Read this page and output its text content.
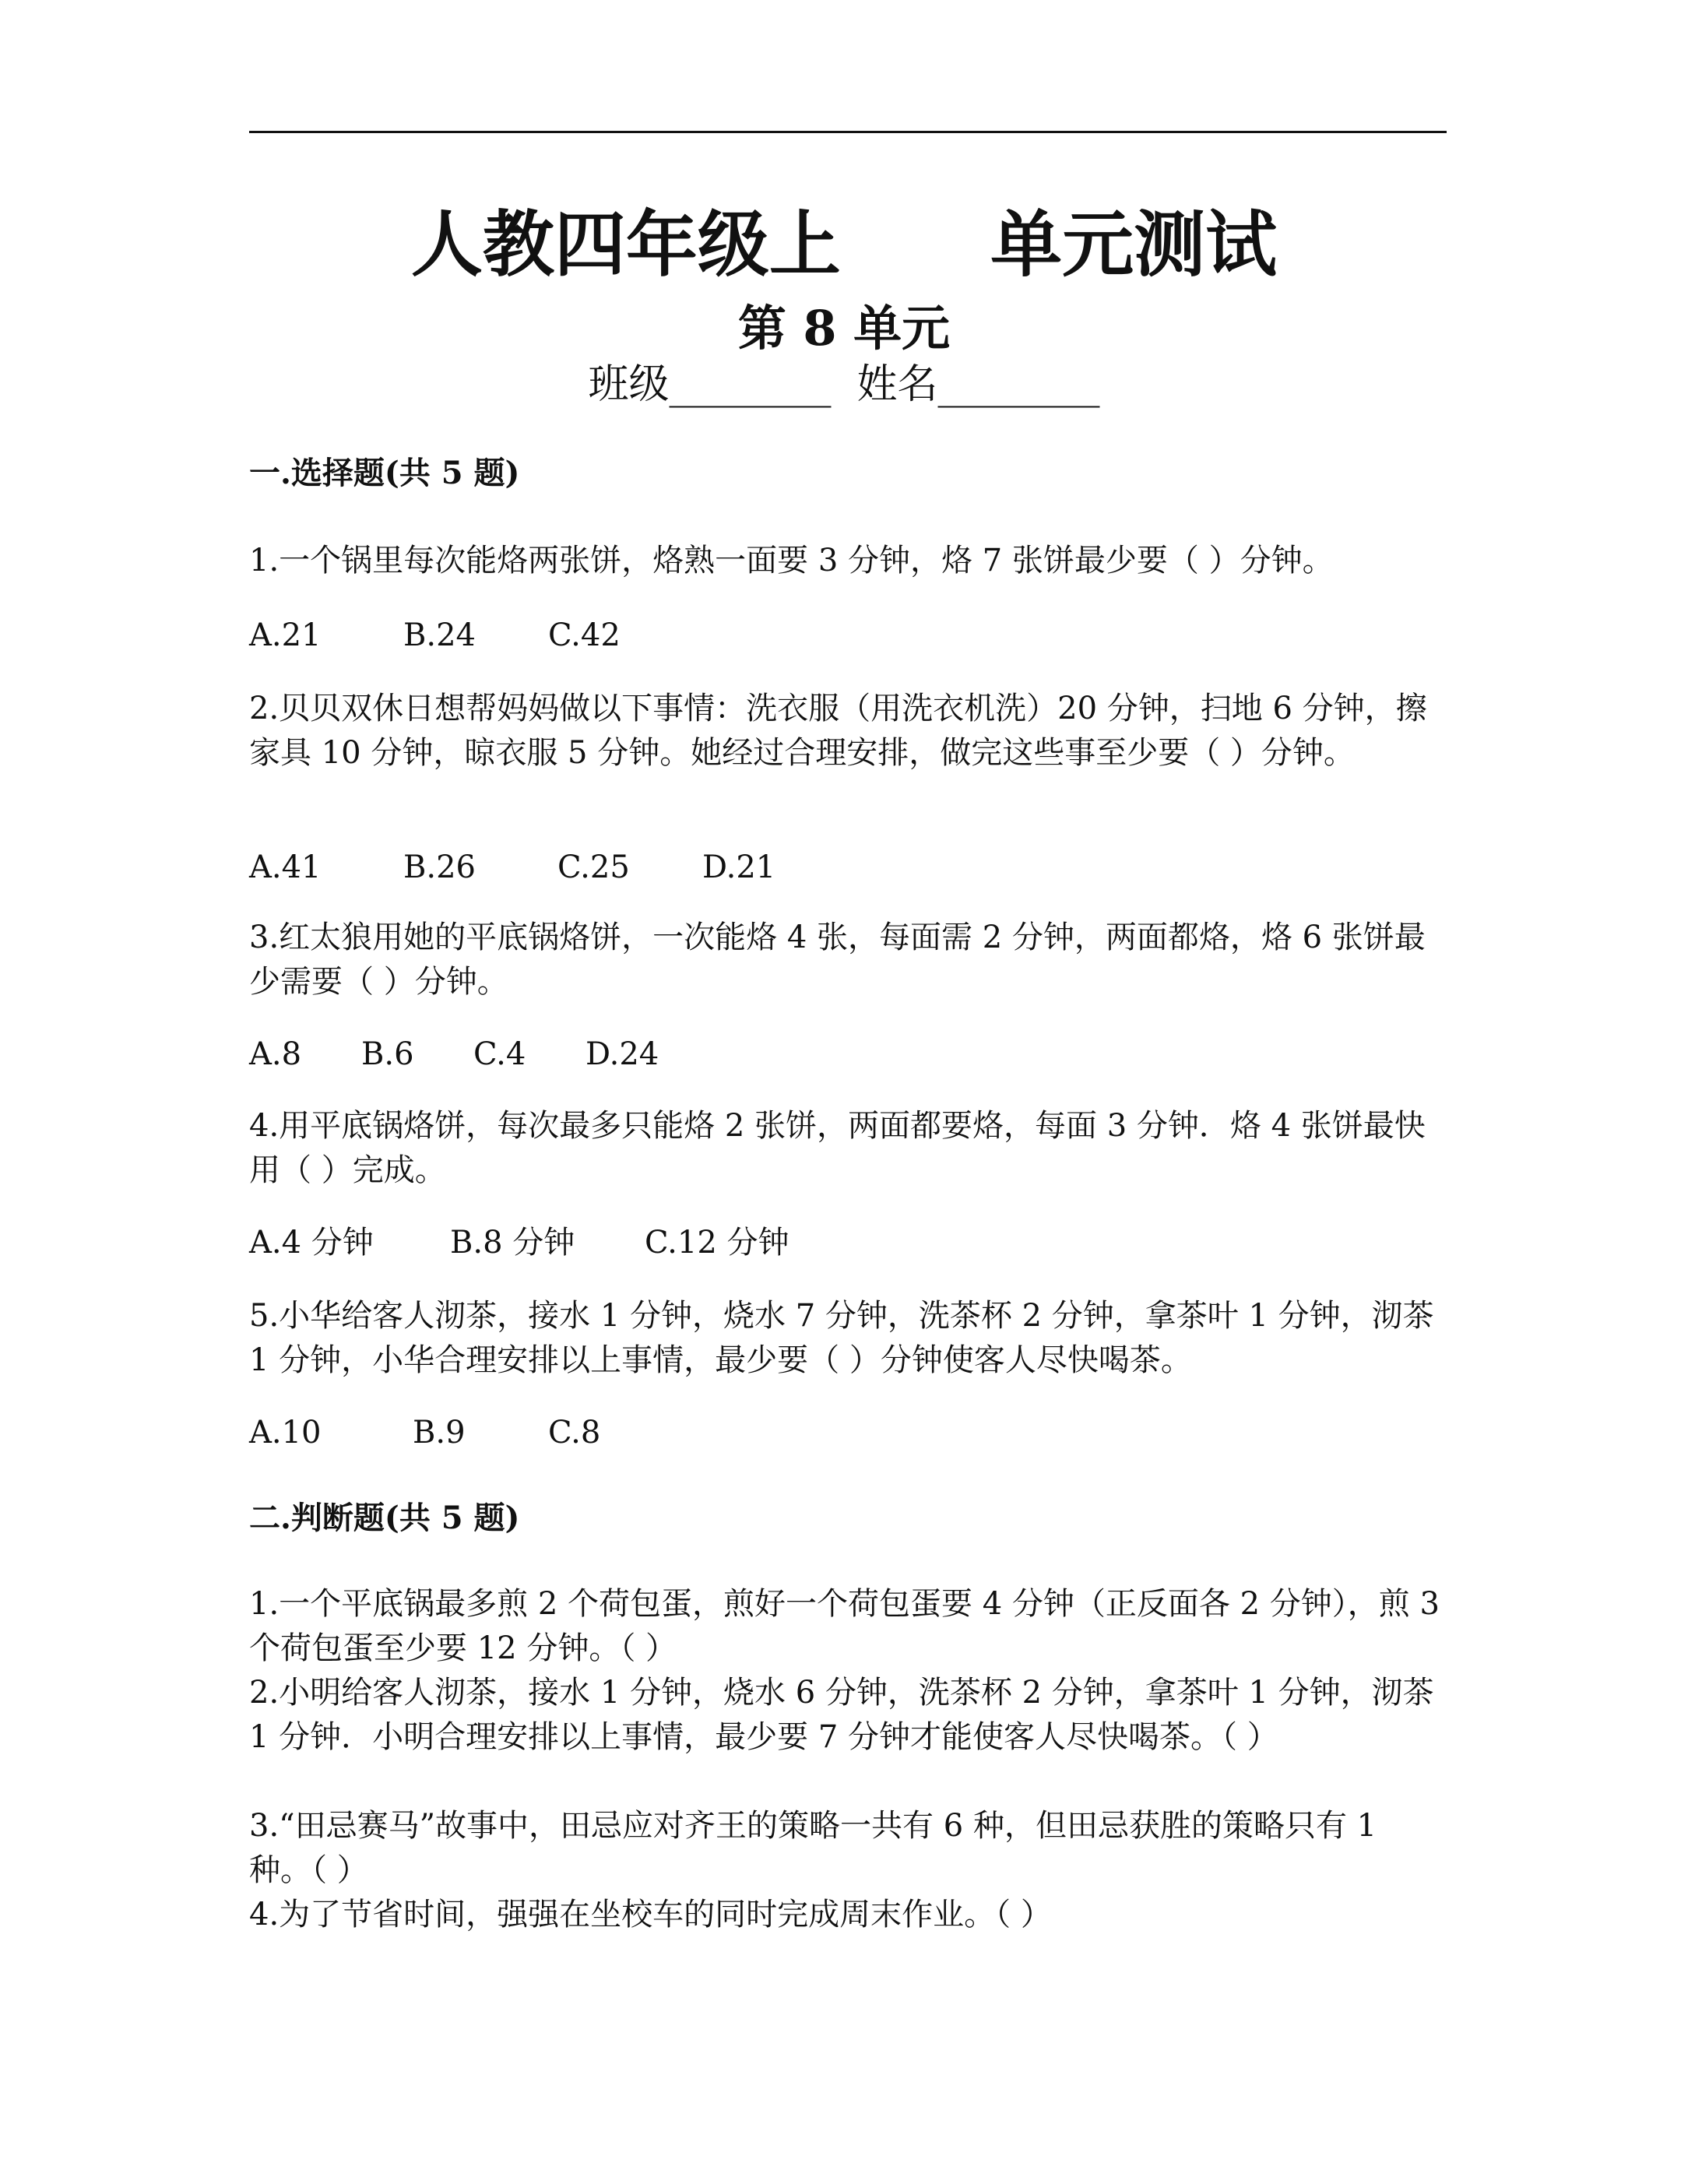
人教四年级上      单元测试
第 8 单元
班级________  姓名________
一.选择题(共 5 题)

1.一个锅里每次能烙两张饼，烙熟一面要 3 分钟，烙 7 张饼最少要（ ）分钟。

A.21	B.24	C.42

2.贝贝双休日想帮妈妈做以下事情：洗衣服（用洗衣机洗）20 分钟，扫地 6 分钟，擦家具 10 分钟，晾衣服 5 分钟。她经过合理安排，做完这些事至少要（ ）分钟。

A.41	B.26	C.25	D.21

3.红太狼用她的平底锅烙饼，一次能烙 4 张，每面需 2 分钟，两面都烙，烙 6 张饼最少需要（ ）分钟。

A.8	B.6	C.4	D.24

4.用平底锅烙饼，每次最多只能烙 2 张饼，两面都要烙，每面 3 分钟．烙 4 张饼最快用（ ）完成。

A.4 分钟	B.8 分钟	C.12 分钟

5.小华给客人沏茶，接水 1 分钟，烧水 7 分钟，洗茶杯 2 分钟，拿茶叶 1 分钟，沏茶 1 分钟，小华合理安排以上事情，最少要（ ）分钟使客人尽快喝茶。

A.10	B.9	C.8
二.判断题(共 5 题)

1.一个平底锅最多煎 2 个荷包蛋，煎好一个荷包蛋要 4 分钟（正反面各 2 分钟），煎 3 个荷包蛋至少要 12 分钟。（ ）

2.小明给客人沏茶，接水 1 分钟，烧水 6 分钟，洗茶杯 2 分钟，拿茶叶 1 分钟，沏茶 1 分钟．小明合理安排以上事情，最少要 7 分钟才能使客人尽快喝茶。（ ）

3.“田忌赛马”故事中，田忌应对齐王的策略一共有 6 种，但田忌获胜的策略只有 1 种。（ ）

4.为了节省时间，强强在坐校车的同时完成周末作业。（ ）
